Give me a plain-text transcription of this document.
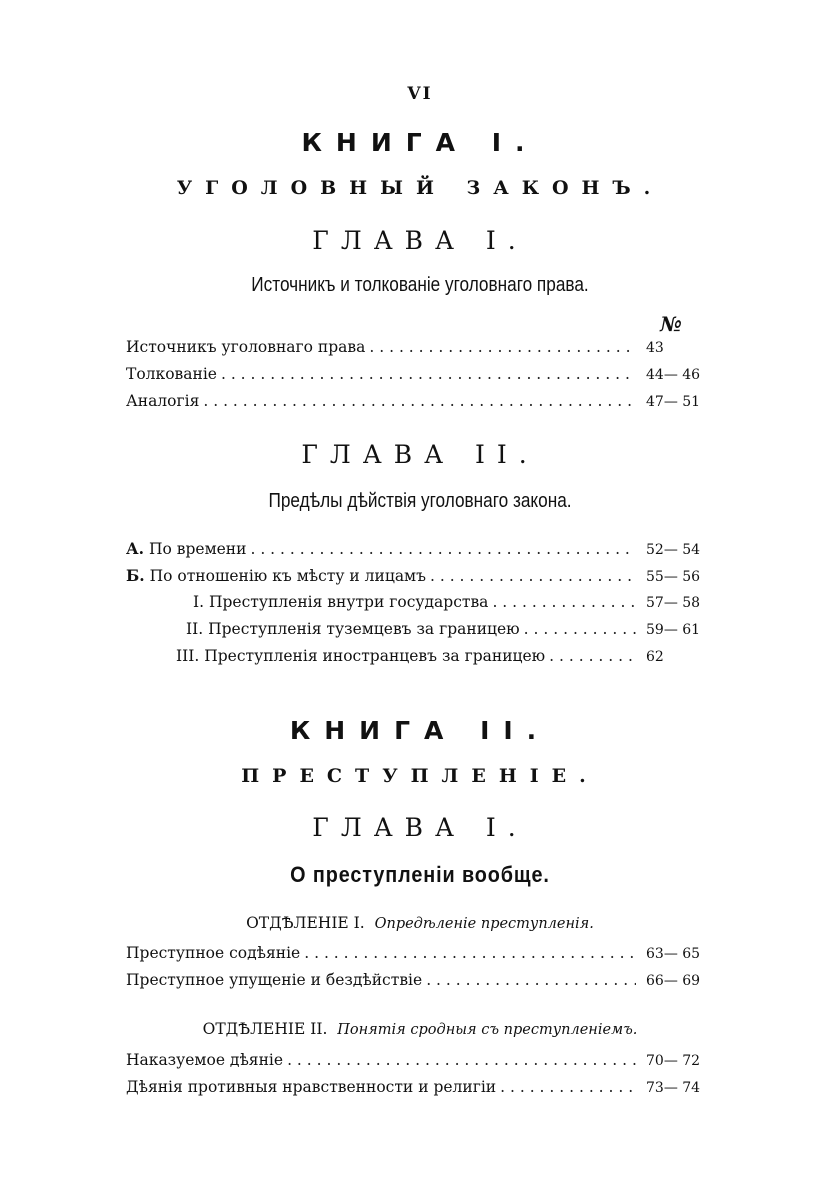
VI
КНИГА I.
УГОЛОВНЫЙ ЗАКОНЪ.
ГЛАВА I.
Источникъ и толкованіе уголовнаго права.
№
Источникъ уголовнаго права . . .	43
Толкованіе . . .	44— 46
Аналогія . . .	47— 51
ГЛАВА II.
Предѣлы дѣйствія уголовнаго закона.
А. По времени . . .	52— 54
Б. По отношенію къ мѣсту и лицамъ . . .	55— 56
I. Преступленія внутри государства . . .	57— 58
II. Преступленія туземцевъ за границею . . .	59— 61
III. Преступленія иностранцевъ за границею . . .	62
КНИГА II.
ПРЕСТУПЛЕНІЕ.
ГЛАВА I.
О преступленіи вообще.
ОТДѢЛЕНІЕ I. Опредѣленіе преступленія.
Преступное содѣяніе . . .	63— 65
Преступное упущеніе и бездѣйствіе . . .	66— 69
ОТДѢЛЕНІЕ II. Понятія сродныя съ преступленіемъ.
Наказуемое дѣяніе . . .	70— 72
Дѣянія противныя нравственности и религіи . . .	73— 74
